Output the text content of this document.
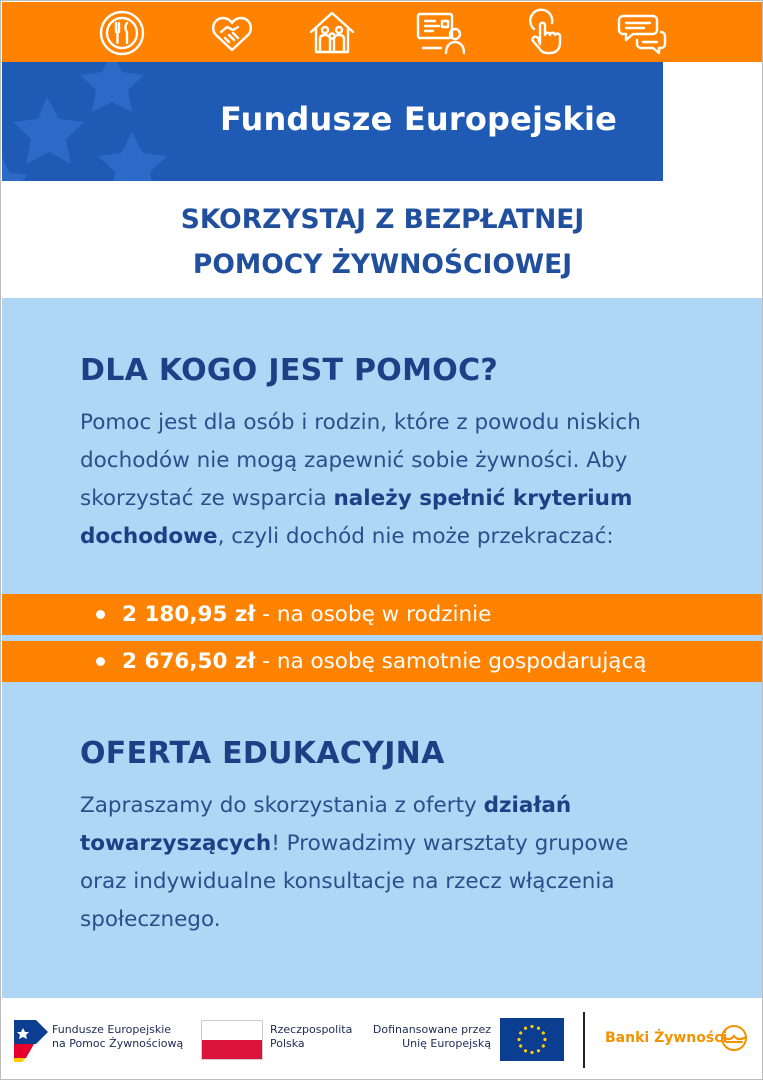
Fundusze Europejskie
SKORZYSTAJ Z BEZPŁATNEJ
POMOCY ŻYWNOŚCIOWEJ
DLA KOGO JEST POMOC?

Pomoc jest dla osób i rodzin, które z powodu niskich dochodów nie mogą zapewnić sobie żywności. Aby skorzystać ze wsparcia należy spełnić kryterium dochodowe, czyli dochód nie może przekraczać:

2 180,95 zł - na osobę w rodzinie
2 676,50 zł - na osobę samotnie gospodarującą
OFERTA EDUKACYJNA

Zapraszamy do skorzystania z oferty działań towarzyszących! Prowadzimy warsztaty grupowe oraz indywidualne konsultacje na rzecz włączenia społecznego.

Fundusze Europejskie
na Pomoc Żywnościową
Rzeczpospolita
Polska
Dofinansowane przez
Unię Europejską	Banki Żywności
